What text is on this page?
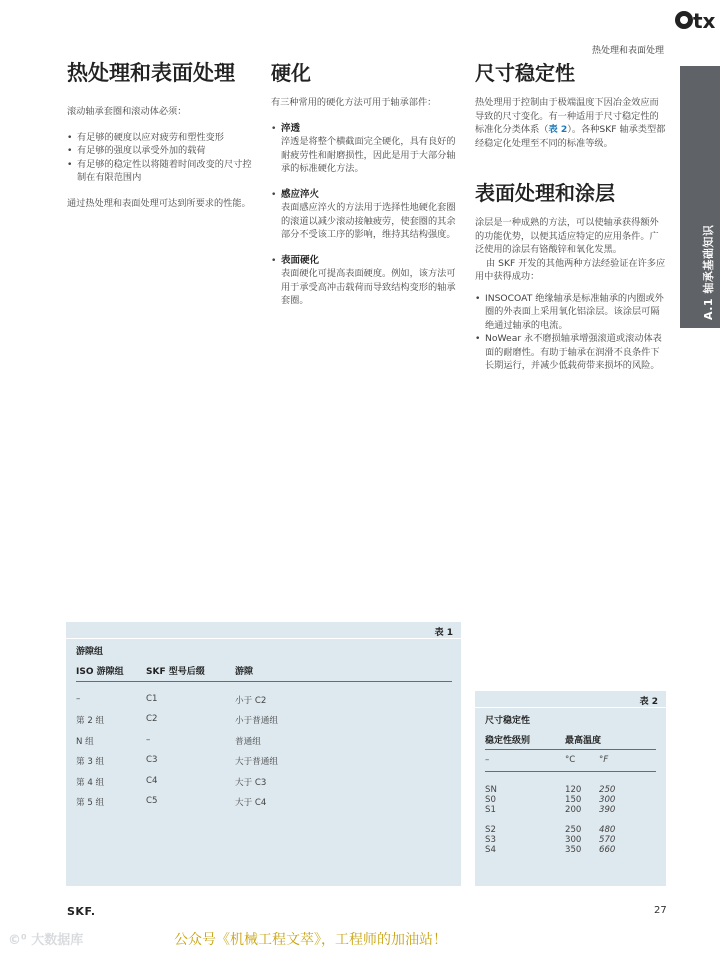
tx
热处理和表面处理
A.1 轴承基础知识
热处理和表面处理

滚动轴承套圈和滚动体必须：

• 有足够的硬度以应对疲劳和塑性变形
• 有足够的强度以承受外加的载荷
• 有足够的稳定性以将随着时间改变的尺寸控制在有限范围内

通过热处理和表面处理可达到所要求的性能。

硬化

有三种常用的硬化方法可用于轴承部件：

• 淬透
淬透是将整个横截面完全硬化，具有良好的耐疲劳性和耐磨损性，因此是用于大部分轴承的标准硬化方法。
• 感应淬火
表面感应淬火的方法用于选择性地硬化套圈的滚道以减少滚动接触疲劳，使套圈的其余部分不受该工序的影响，维持其结构强度。
• 表面硬化
表面硬化可提高表面硬度。例如，该方法可用于承受高冲击载荷而导致结构变形的轴承套圈。
尺寸稳定性

热处理用于控制由于极端温度下因冶金效应而导致的尺寸变化。有一种适用于尺寸稳定性的标准化分类体系（表 2）。各种SKF 轴承类型都经稳定化处理至不同的标准等级。

表面处理和涂层

涂层是一种成熟的方法，可以使轴承获得额外的功能优势，以便其适应特定的应用条件。广泛使用的涂层有铬酸锌和氧化发黑。

由 SKF 开发的其他两种方法经验证在许多应用中获得成功：

• INSOCOAT 绝缘轴承是标准轴承的内圈或外圈的外表面上采用氧化铝涂层。该涂层可隔绝通过轴承的电流。
• NoWear 永不磨损轴承增强滚道或滚动体表面的耐磨性。有助于轴承在润滑不良条件下长期运行，并减少低载荷带来损坏的风险。
表 1
游隙组
ISO 游隙组 SKF 型号后缀	游隙
–	C1	小于 C2
第 2 组	C2	小于普通组
N 组	–	普通组
第 3 组	C3	大于普通组
第 4 组	C4	大于 C3
第 5 组	C5	大于 C4
表 2
尺寸稳定性
稳定性级别	最高温度
–	°C	°F
SN	120 250
S0	150 300
S1	200 390
S2	250 480
S3	300 570
S4	350 660
SKF.	27
©⁰ 大数据库	公众号《机械工程文萃》，工程师的加油站！
